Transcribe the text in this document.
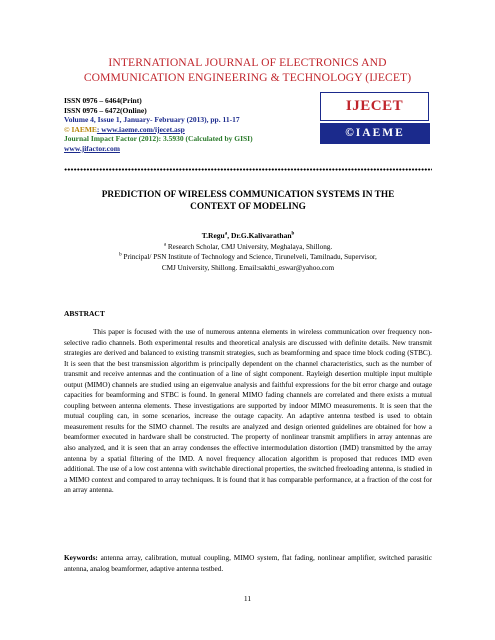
INTERNATIONAL JOURNAL OF ELECTRONICS AND
COMMUNICATION ENGINEERING & TECHNOLOGY (IJECET)
ISSN 0976 – 6464(Print)
ISSN 0976 – 6472(Online)
Volume 4, Issue 1, January- February (2013), pp. 11-17
© IAEME: www.iaeme.com/ijecet.asp
Journal Impact Factor (2012): 3.5930 (Calculated by GISI)
www.jifactor.com
IJECET
©IAEME
PREDICTION OF WIRELESS COMMUNICATION SYSTEMS IN THE
CONTEXT OF MODELING
T.Regu$^a$, Dr.G.Kalivarathan$^b$
$^a$ Research Scholar, CMJ University, Meghalaya, Shillong.
$^b$ Principal/ PSN Institute of Technology and Science, Tirunelveli, Tamilnadu, Supervisor,
CMJ University, Shillong. Email:sakthi_eswar@yahoo.com
ABSTRACT

This paper is focused with the use of numerous antenna elements in wireless communication over frequency non-selective radio channels. Both experimental results and theoretical analysis are discussed with definite details. New transmit strategies are derived and balanced to existing transmit strategies, such as beamforming and space time block coding (STBC). It is seen that the best transmission algorithm is principally dependent on the channel characteristics, such as the number of transmit and receive antennas and the continuation of a line of sight component. Rayleigh desertion multiple input multiple output (MIMO) channels are studied using an eigenvalue analysis and faithful expressions for the bit error charge and outage capacities for beamforming and STBC is found. In general MIMO fading channels are correlated and there exists a mutual coupling between antenna elements. These investigations are supported by indoor MIMO measurements. It is seen that the mutual coupling can, in some scenarios, increase the outage capacity. An adaptive antenna testbed is used to obtain measurement results for the SIMO channel. The results are analyzed and design oriented guidelines are obtained for how a beamformer executed in hardware shall be constructed. The property of nonlinear transmit amplifiers in array antennas are also analyzed, and it is seen that an array condenses the effective intermodulation distortion (IMD) transmitted by the array antenna by a spatial filtering of the IMD. A novel frequency allocation algorithm is proposed that reduces IMD even additional. The use of a low cost antenna with switchable directional properties, the switched freeloading antenna, is studied in a MIMO context and compared to array techniques. It is found that it has comparable performance, at a fraction of the cost for an array antenna.

Keywords: antenna array, calibration, mutual coupling, MIMO system, flat fading, nonlinear amplifier, switched parasitic antenna, analog beamformer, adaptive antenna testbed.

11
